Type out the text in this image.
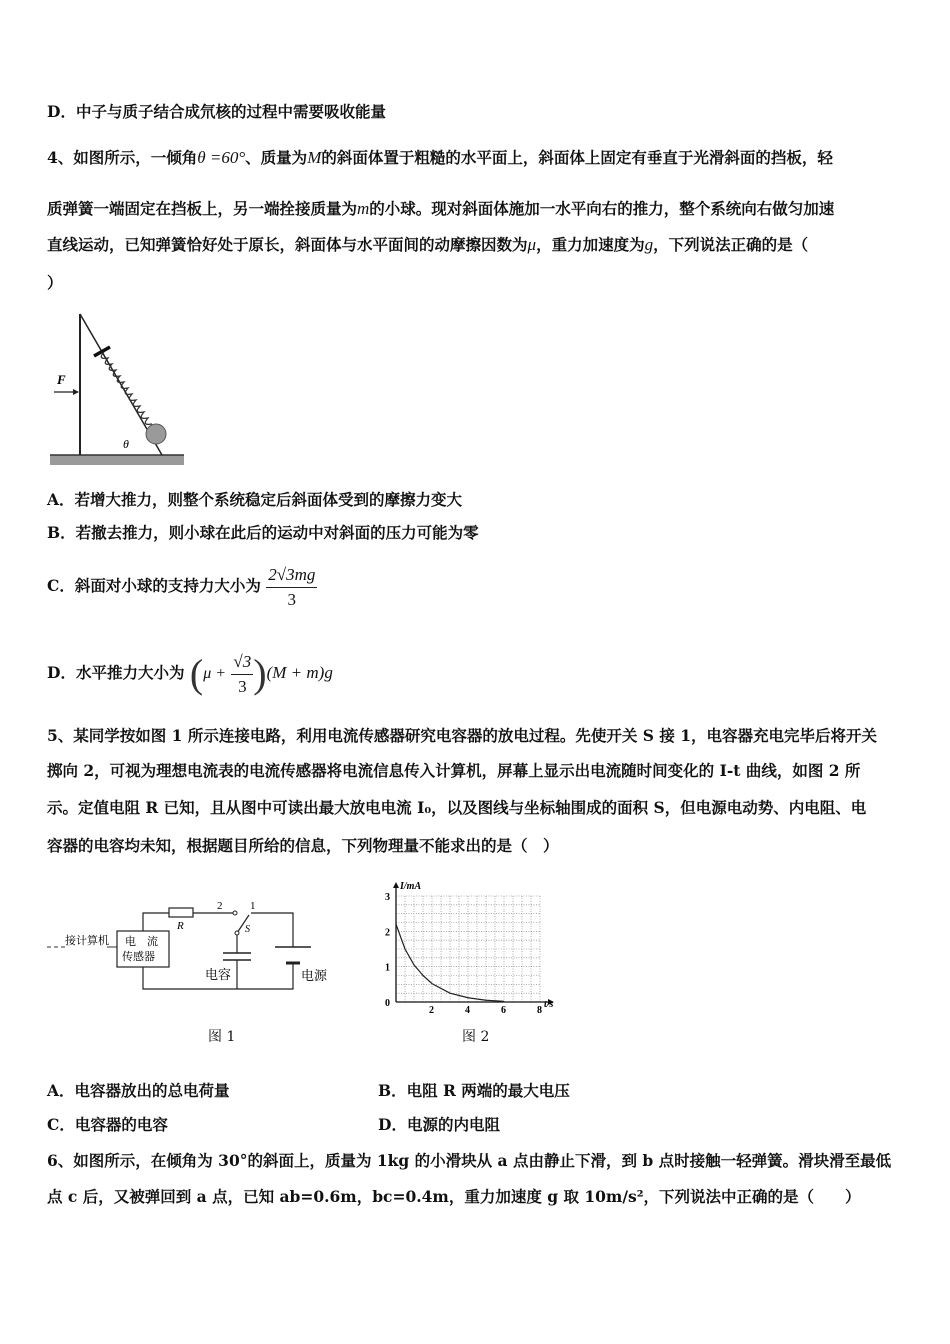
D．中子与质子结合成氘核的过程中需要吸收能量
4、如图所示，一倾角θ =60°、质量为M的斜面体置于粗糙的水平面上，斜面体上固定有垂直于光滑斜面的挡板，轻
质弹簧一端固定在挡板上，另一端拴接质量为m的小球。现对斜面体施加一水平向右的推力，整个系统向右做匀加速
直线运动，已知弹簧恰好处于原长，斜面体与水平面间的动摩擦因数为μ，重力加速度为g，下列说法正确的是（
）
F
θ
A．若增大推力，则整个系统稳定后斜面体受到的摩擦力变大
B．若撤去推力，则小球在此后的运动中对斜面的压力可能为零
C．斜面对小球的支持力大小为 $\frac{2√3mg}{3}$
D．水平推力大小为 $(\mu + \frac{√3}{3} )(M + m)g$
5、某同学按如图 1 所示连接电路，利用电流传感器研究电容器的放电过程。先使开关 S 接 1，电容器充电完毕后将开关
掷向 2，可视为理想电流表的电流传感器将电流信息传入计算机，屏幕上显示出电流随时间变化的 I-t 曲线，如图 2 所
示。定值电阻 R 已知，且从图中可读出最大放电电流 I₀，以及图线与坐标轴围成的面积 S，但电源电动势、内电阻、电
容器的电容均未知，根据题目所给的信息，下列物理量不能求出的是（　）
接计算机 电　流
传感器
R
2	1
S
电容	电源
图 1
0
1
2
3
2	4	6	8
I/mA
t/s
图 2
A．电容器放出的总电荷量	B．电阻 R 两端的最大电压
C．电容器的电容	D．电源的内电阻
6、如图所示，在倾角为 30°的斜面上，质量为 1kg 的小滑块从 a 点由静止下滑，到 b 点时接触一轻弹簧。滑块滑至最低
点 c 后，又被弹回到 a 点，已知 ab=0.6m，bc=0.4m，重力加速度 g 取 10m/s²，下列说法中正确的是（　　）
